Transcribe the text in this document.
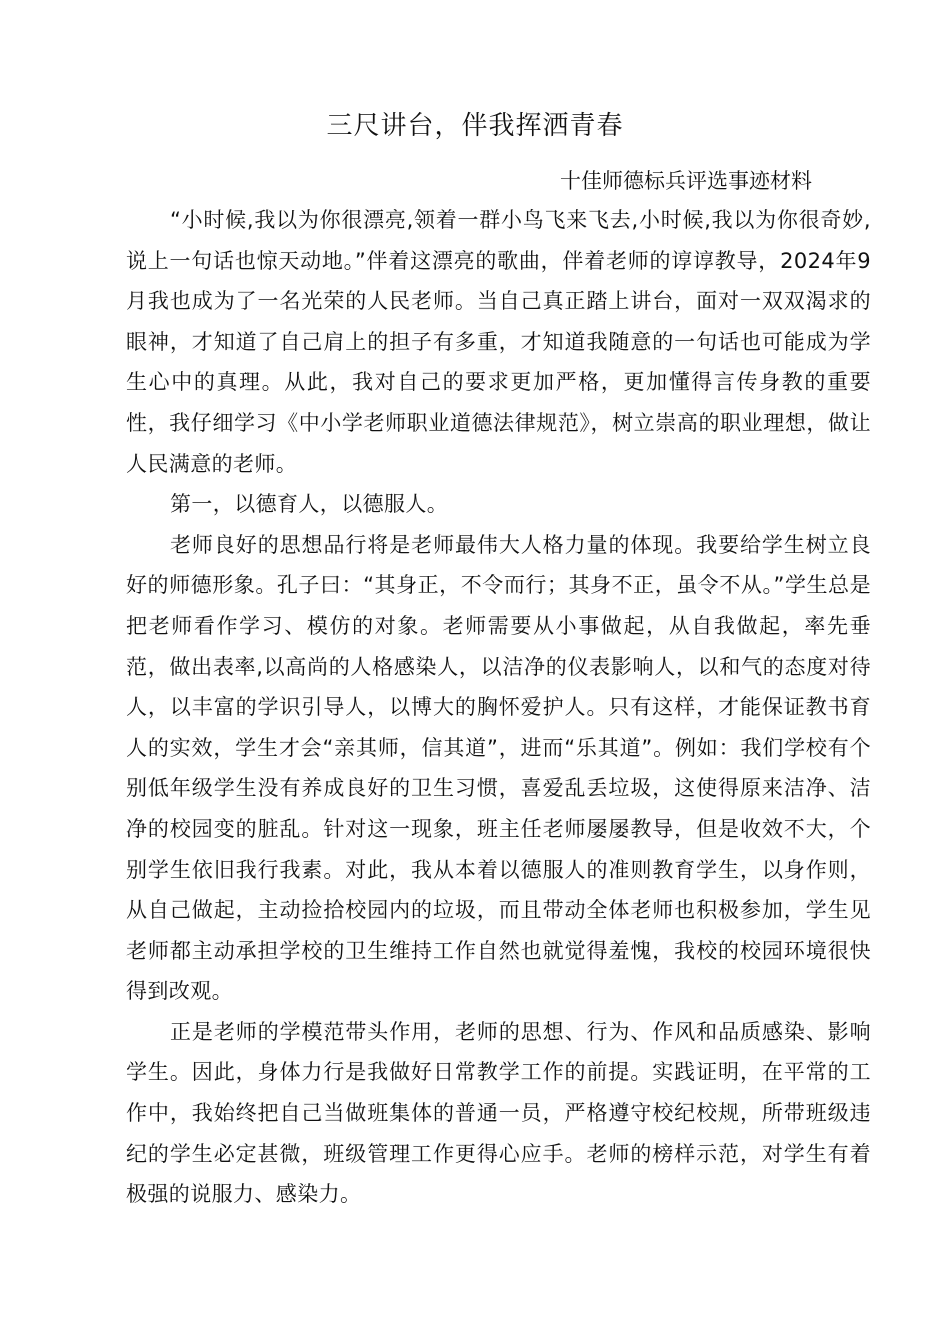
三尺讲台，伴我挥洒青春
十佳师德标兵评选事迹材料

“小时候,我以为你很漂亮,领着一群小鸟飞来飞去,小时候,我以为你很奇妙,说上一句话也惊天动地。”伴着这漂亮的歌曲，伴着老师的谆谆教导，2024年9月我也成为了一名光荣的人民老师。当自己真正踏上讲台，面对一双双渴求的眼神，才知道了自己肩上的担子有多重，才知道我随意的一句话也可能成为学生心中的真理。从此，我对自己的要求更加严格，更加懂得言传身教的重要性，我仔细学习《中小学老师职业道德法律规范》，树立崇高的职业理想，做让人民满意的老师。

第一，以德育人，以德服人。

老师良好的思想品行将是老师最伟大人格力量的体现。我要给学生树立良好的师德形象。孔子曰：“其身正，不令而行；其身不正，虽令不从。”学生总是把老师看作学习、模仿的对象。老师需要从小事做起，从自我做起，率先垂范，做出表率,以高尚的人格感染人，以洁净的仪表影响人，以和气的态度对待人，以丰富的学识引导人，以博大的胸怀爱护人。只有这样，才能保证教书育人的实效，学生才会“亲其师，信其道”，进而“乐其道”。例如：我们学校有个别低年级学生没有养成良好的卫生习惯，喜爱乱丢垃圾，这使得原来洁净、洁净的校园变的脏乱。针对这一现象，班主任老师屡屡教导，但是收效不大，个别学生依旧我行我素。对此，我从本着以德服人的准则教育学生，以身作则，从自己做起，主动捡拾校园内的垃圾，而且带动全体老师也积极参加，学生见老师都主动承担学校的卫生维持工作自然也就觉得羞愧，我校的校园环境很快得到改观。

正是老师的学模范带头作用，老师的思想、行为、作风和品质感染、影响学生。因此，身体力行是我做好日常教学工作的前提。实践证明，在平常的工作中，我始终把自己当做班集体的普通一员，严格遵守校纪校规，所带班级违纪的学生必定甚微，班级管理工作更得心应手。老师的榜样示范，对学生有着极强的说服力、感染力。
